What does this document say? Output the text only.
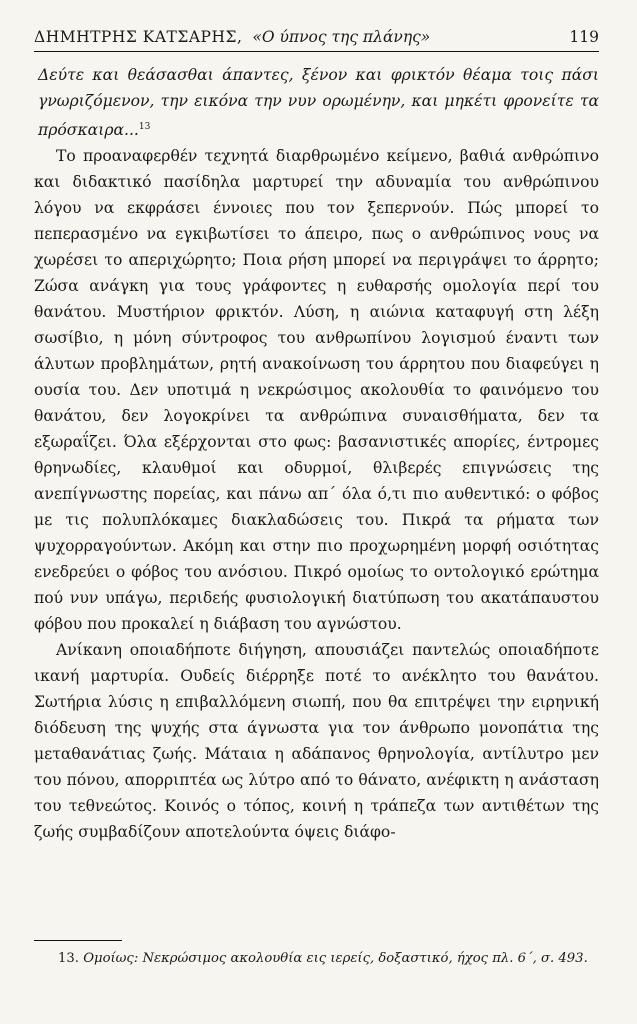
ΔΗΜΗΤΡΗΣ ΚΑΤΣΑΡΗΣ, «Ο ύπνος της πλάνης»	119

Δεύτε και θεάσασθαι άπαντες, ξένον και φρικτόν θέαμα τοις πάσι γνωριζόμενον, την εικόνα την νυν ορωμένην, και μηκέτι φρονείτε τα πρόσκαιρα...$^{13}$

Το προαναφερθέν τεχνητά διαρθρωμένο κείμενο, βαθιά ανθρώπινο και διδακτικό πασίδηλα μαρτυρεί την αδυναμία του ανθρώπινου λόγου να εκφράσει έννοιες που τον ξεπερνούν. Πώς μπορεί το πεπερασμένο να εγκιβωτίσει το άπειρο, πως ο ανθρώπινος νους να χωρέσει το απεριχώρητο; Ποια ρήση μπορεί να περιγράψει το άρρητο; Ζώσα ανάγκη για τους γράφοντες η ευθαρσής ομολογία περί του θανάτου. Μυστήριον φρικτόν. Λύση, η αιώνια καταφυγή στη λέξη σωσίβιο, η μόνη σύντροφος του ανθρωπίνου λογισμού έναντι των άλυτων προβλημάτων, ρητή ανακοίνωση του άρρητου που διαφεύγει η ουσία του. Δεν υποτιμά η νεκρώσιμος ακολουθία το φαινόμενο του θανάτου, δεν λογοκρίνει τα ανθρώπινα συναισθήματα, δεν τα εξωραΐζει. Όλα εξέρχονται στο φως: βασανιστικές απορίες, έντρομες θρηνωδίες, κλαυθμοί και οδυρμοί, θλιβερές επιγνώσεις της ανεπίγνωστης πορείας, και πάνω απ΄ όλα ό,τι πιο αυθεντικό: ο φόβος με τις πολυπλόκαμες διακλαδώσεις του. Πικρά τα ρήματα των ψυχορραγούντων. Ακόμη και στην πιο προχωρημένη μορφή οσιότητας ενεδρεύει ο φόβος του ανόσιου. Πικρό ομοίως το οντολογικό ερώτημα πού νυν υπάγω, περιδεής φυσιολογική διατύπωση του ακατάπαυστου φόβου που προκαλεί η διάβαση του αγνώστου.

Ανίκανη οποιαδήποτε διήγηση, απουσιάζει παντελώς οποιαδήποτε ικανή μαρτυρία. Ουδείς διέρρηξε ποτέ το ανέκλητο του θανάτου. Σωτήρια λύσις η επιβαλλόμενη σιωπή, που θα επιτρέψει την ειρηνική διόδευση της ψυχής στα άγνωστα για τον άνθρωπο μονοπάτια της μεταθανάτιας ζωής. Μάταια η αδάπανος θρηνολογία, αντίλυτρο μεν του πόνου, απορριπτέα ως λύτρο από το θάνατο, ανέφικτη η ανάσταση του τεθνεώτος. Κοινός ο τόπος, κοινή η τράπεζα των αντιθέτων της ζωής συμβαδίζουν αποτελούντα όψεις διάφο-

13. Ομοίως: Νεκρώσιμος ακολουθία εις ιερείς, δοξαστικό, ήχος πλ. 6΄, σ. 493.
